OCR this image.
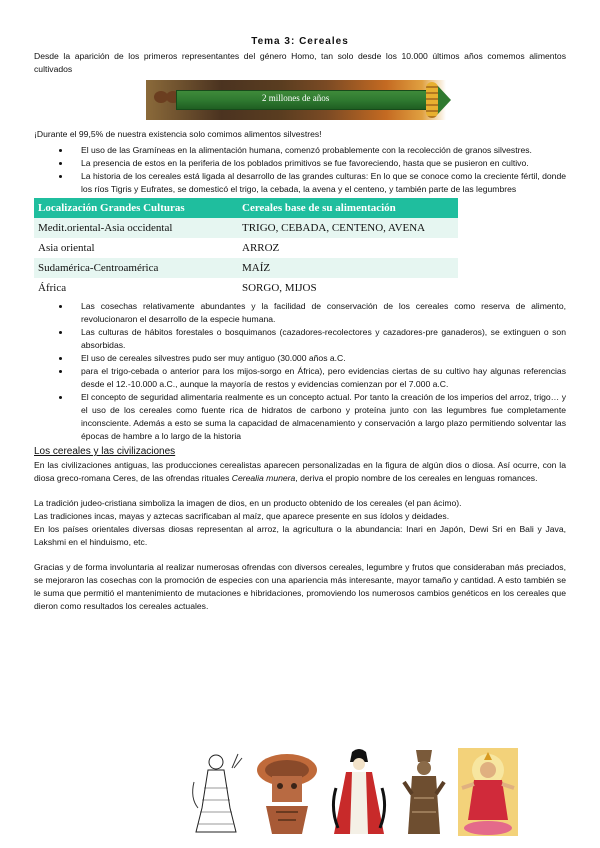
Tema 3: Cereales

Desde la aparición de los primeros representantes del género Homo, tan solo desde los 10.000 últimos años comemos alimentos cultivados

2 millones de años

¡Durante el 99,5% de nuestra existencia solo comimos alimentos silvestres!

• El uso de las Gramíneas en la alimentación humana, comenzó probablemente con la recolección de granos silvestres.
• La presencia de estos en la periferia de los poblados primitivos se fue favoreciendo, hasta que se pusieron en cultivo.
• La historia de los cereales está ligada al desarrollo de las grandes culturas: En lo que se conoce como la creciente fértil, donde los ríos Tigris y Eufrates, se domesticó el trigo, la cebada, la avena y el centeno, y también parte de las legumbres
Localización Grandes Culturas	Cereales base de su alimentación
Medit.oriental-Asia occidental	TRIGO, CEBADA, CENTENO, AVENA
Asia oriental	ARROZ
Sudamérica-Centroamérica	MAÍZ
África	SORGO, MIJOS
• Las cosechas relativamente abundantes y la facilidad de conservación de los cereales como reserva de alimento, revolucionaron el desarrollo de la especie humana.
• Las culturas de hábitos forestales o bosquimanos (cazadores-recolectores y cazadores-pre ganaderos), se extinguen o son absorbidas.
• El uso de cereales silvestres pudo ser muy antiguo (30.000 años a.C.
• para el trigo-cebada o anterior para los mijos-sorgo en África), pero evidencias ciertas de su cultivo hay algunas referencias desde el 12.-10.000 a.C., aunque la mayoría de restos y evidencias comienzan por el 7.000 a.C.
• El concepto de seguridad alimentaria realmente es un concepto actual. Por tanto la creación de los imperios del arroz, trigo… y el uso de los cereales como fuente rica de hidratos de carbono y proteína junto con las legumbres fue completamente inconsciente. Además a esto se suma la capacidad de almacenamiento y conservación a largo plazo permitiendo solventar las épocas de hambre a lo largo de la historia
Los cereales y las civilizaciones

En las civilizaciones antiguas, las producciones cerealistas aparecen personalizadas en la figura de algún dios o diosa. Así ocurre, con la diosa greco-romana Ceres, de las ofrendas rituales Cerealia munera, deriva el propio nombre de los cereales en lenguas romances.

La tradición judeo-cristiana simboliza la imagen de dios, en un producto obtenido de los cereales (el pan ácimo).

Las tradiciones incas, mayas y aztecas sacrificaban al maíz, que aparece presente en sus ídolos y deidades.

En los países orientales diversas diosas representan al arroz, la agricultura o la abundancia: Inari en Japón, Dewi Sri en Bali y Java, Lakshmi en el hinduismo, etc.

Gracias y de forma involuntaria al realizar numerosas ofrendas con diversos cereales, legumbre y frutos que consideraban más preciados, se mejoraron las cosechas con la promoción de especies con una apariencia más interesante, mayor tamaño y cantidad. A esto también se le suma que permitió el mantenimiento de mutaciones e hibridaciones, promoviendo los numerosos cambios genéticos en los cereales que dieron como resultados los cereales actuales.
